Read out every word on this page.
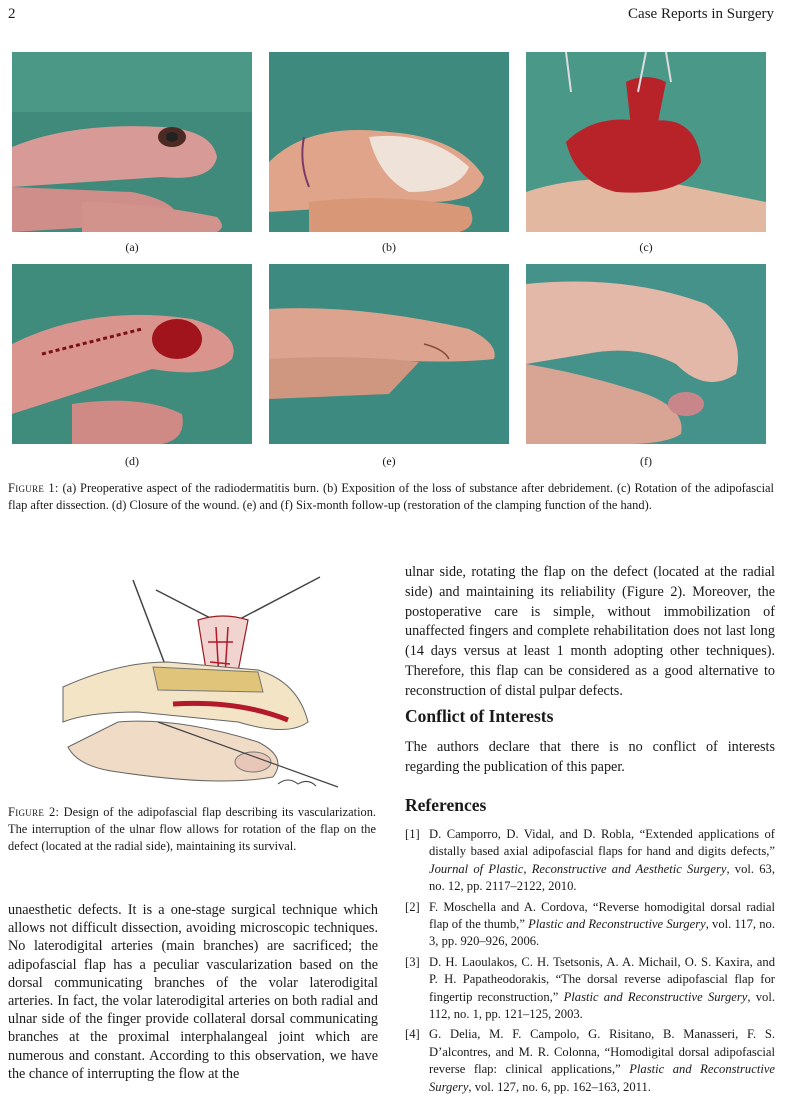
2	Case Reports in Surgery
(a)	(b)	(c)
(d)	(e)	(f)
Figure 1: (a) Preoperative aspect of the radiodermatitis burn. (b) Exposition of the loss of substance after debridement. (c) Rotation of the adipofascial flap after dissection. (d) Closure of the wound. (e) and (f) Six-month follow-up (restoration of the clamping function of the hand).
Figure 2: Design of the adipofascial flap describing its vascularization. The interruption of the ulnar flow allows for rotation of the flap on the defect (located at the radial side), maintaining its survival.
unaesthetic defects. It is a one-stage surgical technique which allows not difficult dissection, avoiding microscopic techniques. No laterodigital arteries (main branches) are sacrificed; the adipofascial flap has a peculiar vascularization based on the dorsal communicating branches of the volar laterodigital arteries. In fact, the volar laterodigital arteries on both radial and ulnar side of the finger provide collateral dorsal communicating branches at the proximal interphalangeal joint which are numerous and constant. According to this observation, we have the chance of interrupting the flow at the
ulnar side, rotating the flap on the defect (located at the radial side) and maintaining its reliability (Figure 2). Moreover, the postoperative care is simple, without immobilization of unaffected fingers and complete rehabilitation does not last long (14 days versus at least 1 month adopting other techniques). Therefore, this flap can be considered as a good alternative to reconstruction of distal pulpar defects.
Conflict of Interests
The authors declare that there is no conflict of interests regarding the publication of this paper.
References
[1] D. Camporro, D. Vidal, and D. Robla, “Extended applications of distally based axial adipofascial flaps for hand and digits defects,” Journal of Plastic, Reconstructive and Aesthetic Surgery, vol. 63, no. 12, pp. 2117–2122, 2010.
[2] F. Moschella and A. Cordova, “Reverse homodigital dorsal radial flap of the thumb,” Plastic and Reconstructive Surgery, vol. 117, no. 3, pp. 920–926, 2006.
[3] D. H. Laoulakos, C. H. Tsetsonis, A. A. Michail, O. S. Kaxira, and P. H. Papatheodorakis, “The dorsal reverse adipofascial flap for fingertip reconstruction,” Plastic and Reconstructive Surgery, vol. 112, no. 1, pp. 121–125, 2003.
[4] G. Delia, M. F. Campolo, G. Risitano, B. Manasseri, F. S. D’alcontres, and M. R. Colonna, “Homodigital dorsal adipofascial reverse flap: clinical applications,” Plastic and Reconstructive Surgery, vol. 127, no. 6, pp. 162–163, 2011.
